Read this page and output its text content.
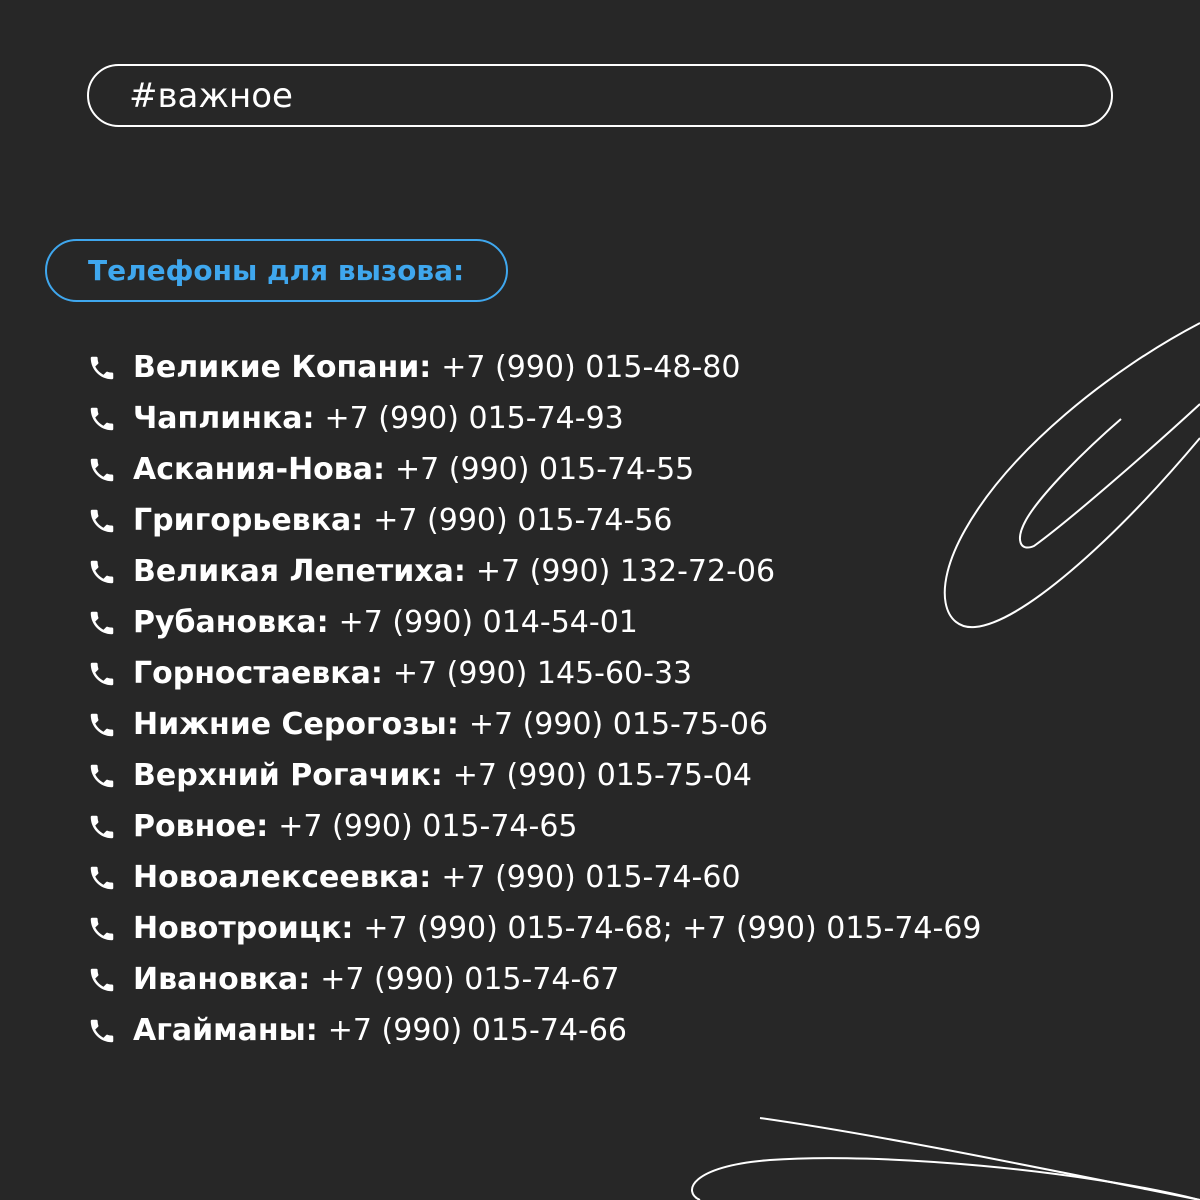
#важное
Телефоны для вызова:
Великие Копани: +7 (990) 015-48-80
Чаплинка: +7 (990) 015-74-93
Аскания-Нова: +7 (990) 015-74-55
Григорьевка: +7 (990) 015-74-56
Великая Лепетиха: +7 (990) 132-72-06
Рубановка: +7 (990) 014-54-01
Горностаевка: +7 (990) 145-60-33
Нижние Серогозы: +7 (990) 015-75-06
Верхний Рогачик: +7 (990) 015-75-04
Ровное: +7 (990) 015-74-65
Новоалексеевка: +7 (990) 015-74-60
Новотроицк: +7 (990) 015-74-68; +7 (990) 015-74-69
Ивановка: +7 (990) 015-74-67
Агайманы: +7 (990) 015-74-66
